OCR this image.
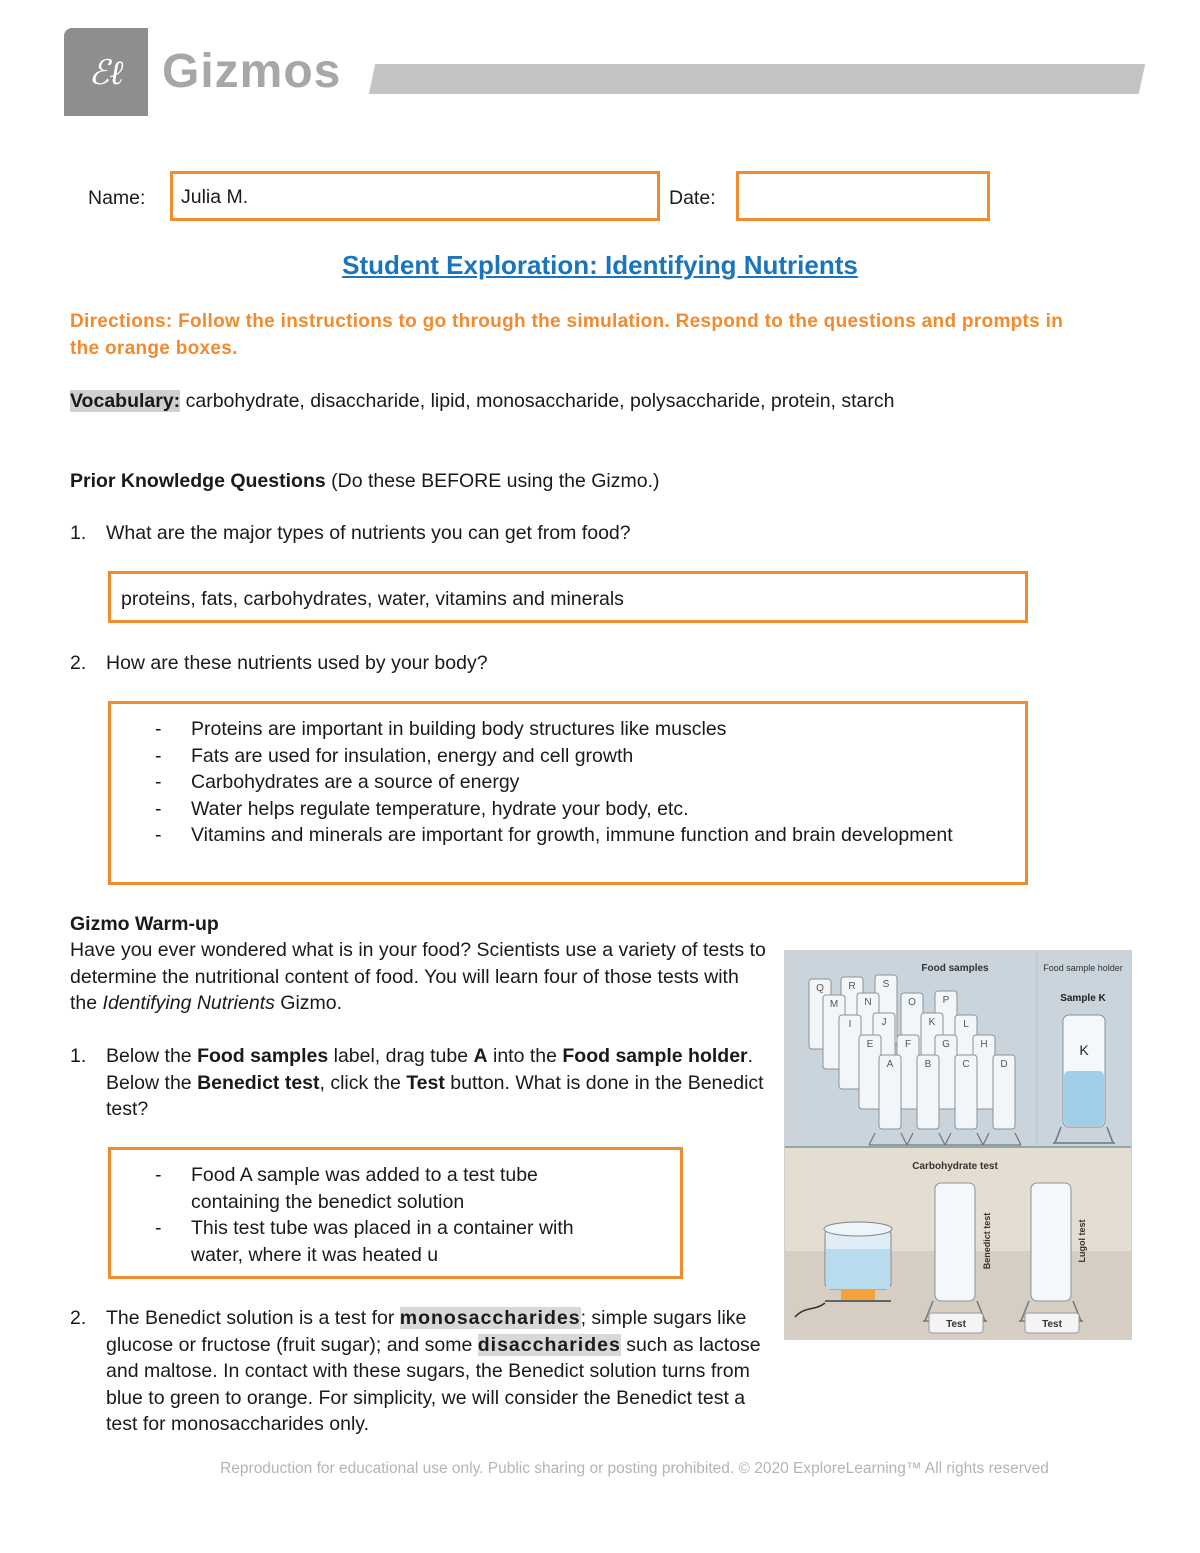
ℰℓ Gizmos
Name: Julia M.	Date:
Student Exploration: Identifying Nutrients
Directions: Follow the instructions to go through the simulation. Respond to the questions and prompts in the orange boxes.
Vocabulary: carbohydrate, disaccharide, lipid, monosaccharide, polysaccharide, protein, starch
Prior Knowledge Questions (Do these BEFORE using the Gizmo.)
1. What are the major types of nutrients you can get from food?
proteins, fats, carbohydrates, water, vitamins and minerals
2. How are these nutrients used by your body?
- Proteins are important in building body structures like muscles
- Fats are used for insulation, energy and cell growth
- Carbohydrates are a source of energy
- Water helps regulate temperature, hydrate your body, etc.
- Vitamins and minerals are important for growth, immune function and brain development
Gizmo Warm-up
Have you ever wondered what is in your food? Scientists use a variety of tests to determine the nutritional content of food. You will learn four of those tests with the Identifying Nutrients Gizmo.
1. Below the Food samples label, drag tube A into the Food sample holder. Below the Benedict test, click the Test button. What is done in the Benedict test?
- Food A sample was added to a test tube containing the benedict solution
- This test tube was placed in a container with water, where it was heated u
2. The Benedict solution is a test for monosaccharides; simple sugars like glucose or fructose (fruit sugar); and some disaccharides such as lactose and maltose. In contact with these sugars, the Benedict solution turns from blue to green to orange. For simplicity, we will consider the Benedict test a test for monosaccharides only.
Food samples	Food sample holder
Sample K
Q R	S
M	N	O	P
I	J	K	L
E	F	G	H
A	B	C	D
K
Carbohydrate test
Benedict test	Lugol test
Test	Test
Reproduction for educational use only. Public sharing or posting prohibited. © 2020 ExploreLearning™ All rights reserved
